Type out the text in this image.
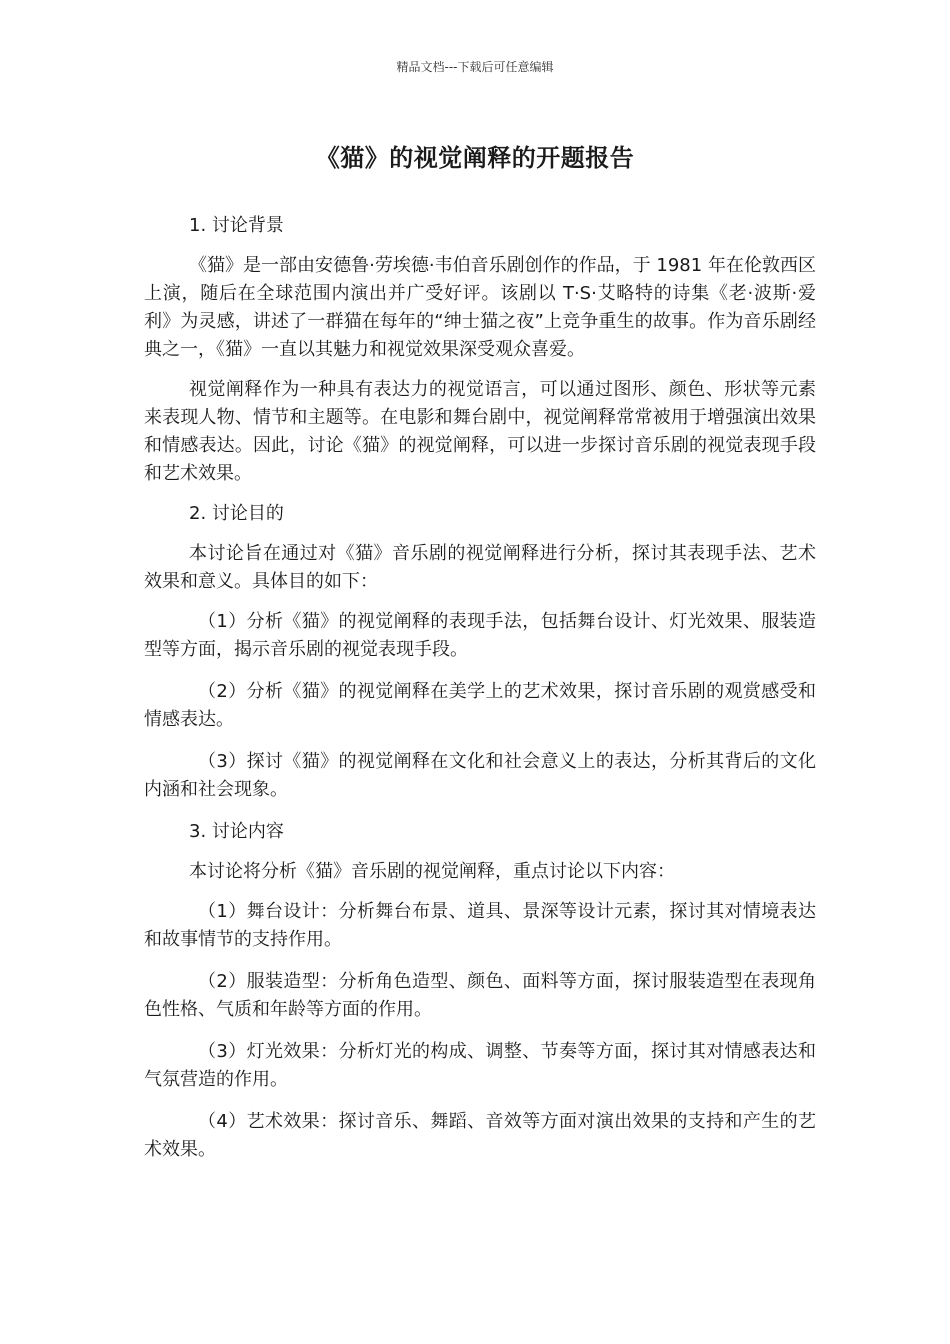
精品文档---下载后可任意编辑
《猫》的视觉阐释的开题报告

1. 讨论背景

《猫》是一部由安德鲁·劳埃德·韦伯音乐剧创作的作品，于 1981 年在伦敦西区上演，随后在全球范围内演出并广受好评。该剧以 T·S·艾略特的诗集《老·波斯·爱利》为灵感，讲述了一群猫在每年的“绅士猫之夜”上竞争重生的故事。作为音乐剧经典之一，《猫》一直以其魅力和视觉效果深受观众喜爱。

视觉阐释作为一种具有表达力的视觉语言，可以通过图形、颜色、形状等元素来表现人物、情节和主题等。在电影和舞台剧中，视觉阐释常常被用于增强演出效果和情感表达。因此，讨论《猫》的视觉阐释，可以进一步探讨音乐剧的视觉表现手段和艺术效果。

2. 讨论目的

本讨论旨在通过对《猫》音乐剧的视觉阐释进行分析，探讨其表现手法、艺术效果和意义。具体目的如下：

（1）分析《猫》的视觉阐释的表现手法，包括舞台设计、灯光效果、服装造型等方面，揭示音乐剧的视觉表现手段。

（2）分析《猫》的视觉阐释在美学上的艺术效果，探讨音乐剧的观赏感受和情感表达。

（3）探讨《猫》的视觉阐释在文化和社会意义上的表达，分析其背后的文化内涵和社会现象。

3. 讨论内容

本讨论将分析《猫》音乐剧的视觉阐释，重点讨论以下内容：

（1）舞台设计：分析舞台布景、道具、景深等设计元素，探讨其对情境表达和故事情节的支持作用。

（2）服装造型：分析角色造型、颜色、面料等方面，探讨服装造型在表现角色性格、气质和年龄等方面的作用。

（3）灯光效果：分析灯光的构成、调整、节奏等方面，探讨其对情感表达和气氛营造的作用。

（4）艺术效果：探讨音乐、舞蹈、音效等方面对演出效果的支持和产生的艺术效果。
